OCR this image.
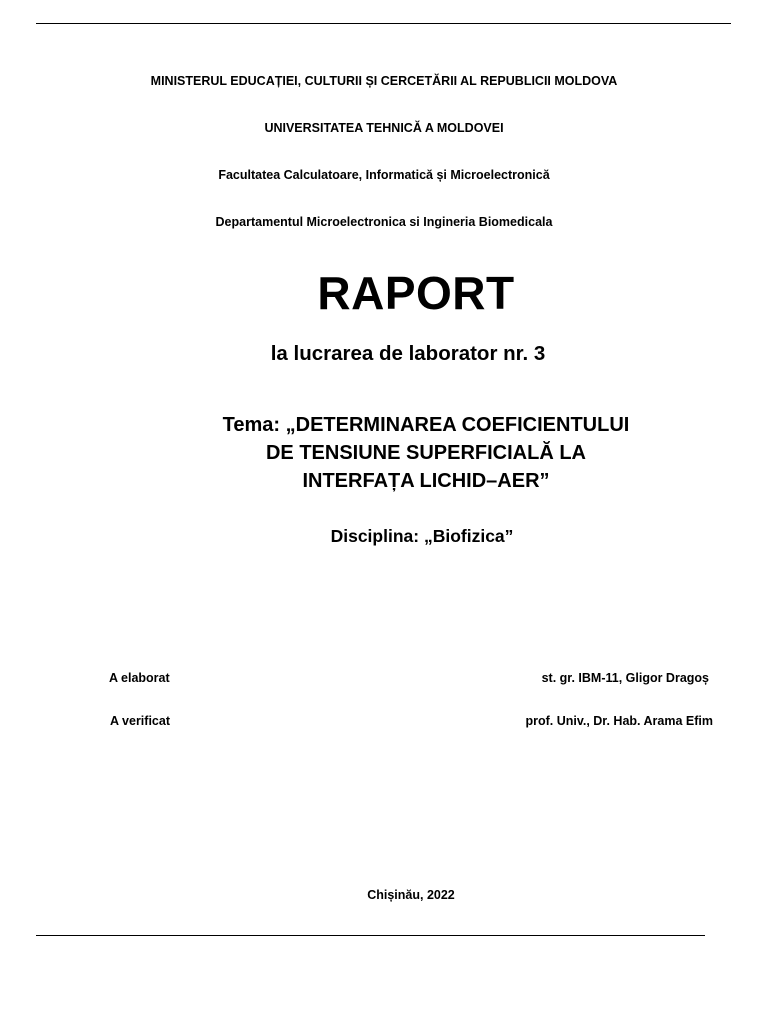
MINISTERUL EDUCAȚIEI, CULTURII ȘI CERCETĂRII AL REPUBLICII MOLDOVA
UNIVERSITATEA TEHNICĂ A MOLDOVEI
Facultatea Calculatoare, Informatică și Microelectronică
Departamentul Microelectronica si Ingineria Biomedicala
RAPORT
la lucrarea de laborator nr. 3
Tema: „DETERMINAREA COEFICIENTULUI
DE TENSIUNE SUPERFICIALĂ LA
INTERFAȚA LICHID–AER”
Disciplina: „Biofizica”
A elaborat	st. gr. IBM-11, Gligor Dragoș
A verificat	prof. Univ., Dr. Hab. Arama Efim
Chișinău, 2022
